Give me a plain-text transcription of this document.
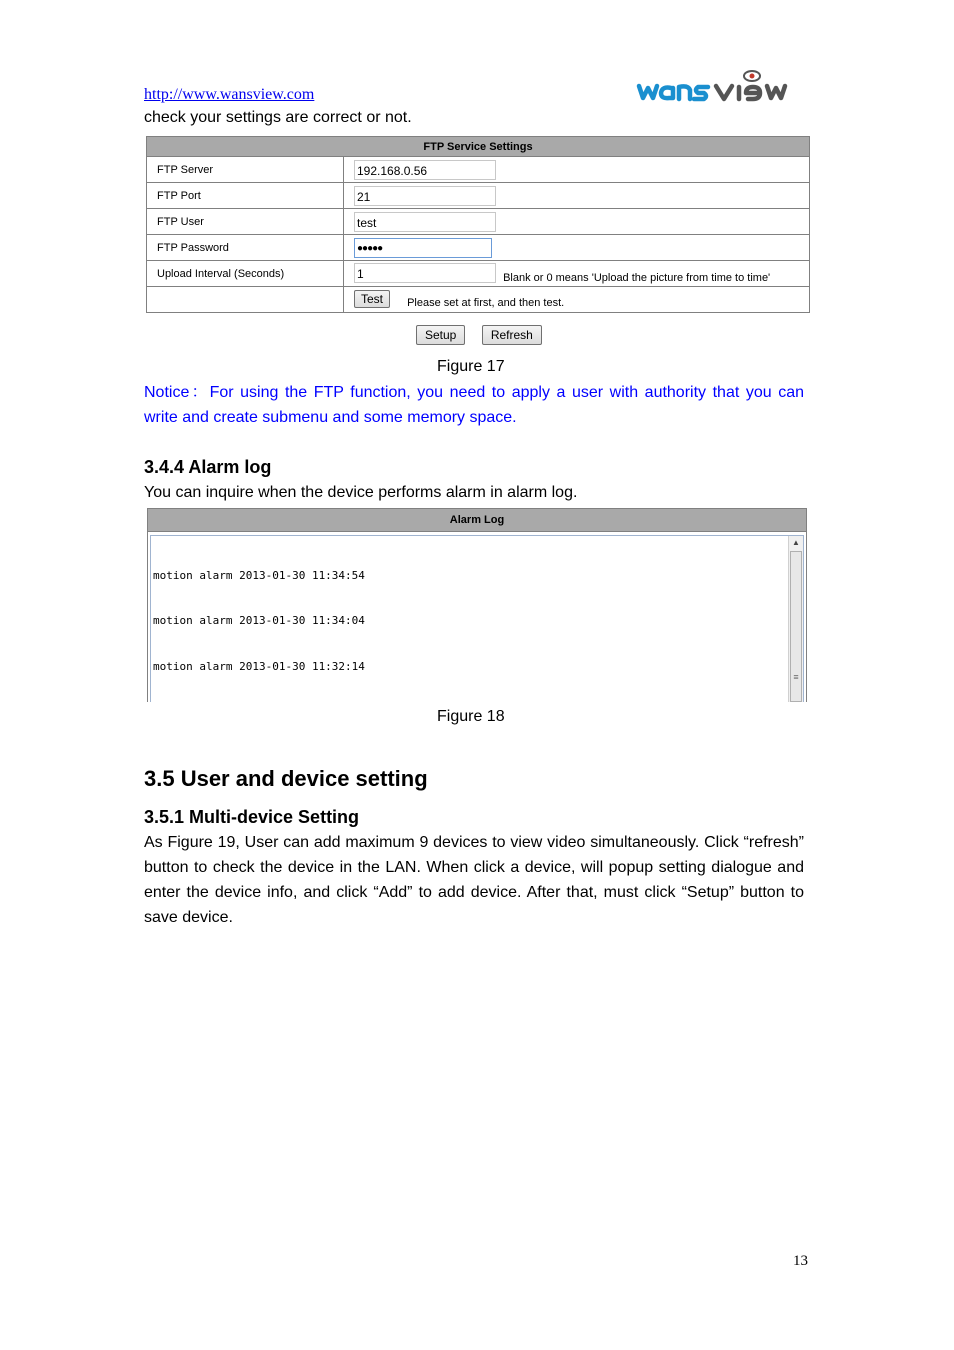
http://www.wansview.com
check your settings are correct or not.
FTP Service Settings	
FTP Server	192.168.0.56
FTP Port	21
FTP User	test
FTP Password	●●●●●
Upload Interval (Seconds)	1 Blank or 0 means 'Upload the picture from time to time'
	Test Please set at first, and then test.
Setup	Refresh
Figure 17
Notice：For using the FTP function, you need to apply a user with authority that you can write and create submenu and some memory space.
3.4.4 Alarm log
You can inquire when the device performs alarm in alarm log.
Alarm Log

motion alarm 2013-01-30 11:34:54

motion alarm 2013-01-30 11:34:04

motion alarm 2013-01-30 11:32:14

▲
≡
Figure 18
3.5 User and device setting
3.5.1 Multi-device Setting
As Figure 19, User can add maximum 9 devices to view video simultaneously. Click “refresh” button to check the device in the LAN. When click a device, will popup setting dialogue and enter the device info, and click “Add” to add device. After that, must click “Setup” button to save device.
13
